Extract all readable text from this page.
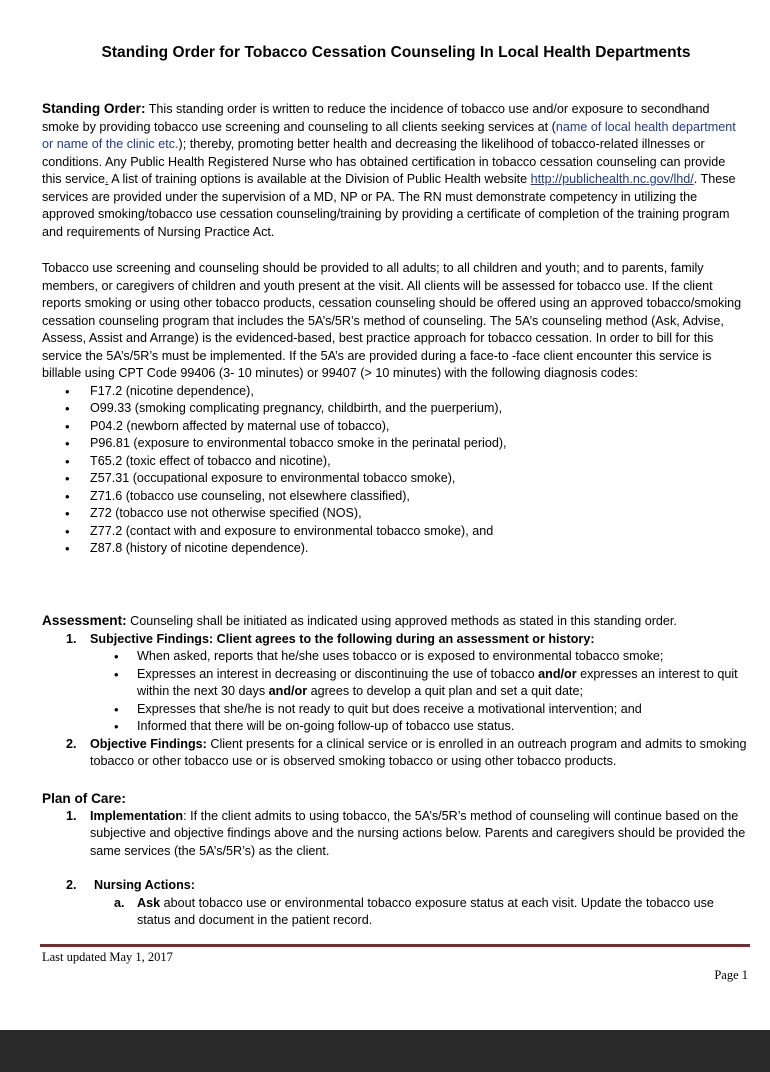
Standing Order for Tobacco Cessation Counseling In Local Health Departments
Standing Order: This standing order is written to reduce the incidence of tobacco use and/or exposure to secondhand smoke by providing tobacco use screening and counseling to all clients seeking services at (name of local health department or name of the clinic etc.); thereby, promoting better health and decreasing the likelihood of tobacco-related illnesses or conditions. Any Public Health Registered Nurse who has obtained certification in tobacco cessation counseling can provide this service. A list of training options is available at the Division of Public Health website http://publichealth.nc.gov/lhd/. These services are provided under the supervision of a MD, NP or PA. The RN must demonstrate competency in utilizing the approved smoking/tobacco use cessation counseling/training by providing a certificate of completion of the training program and requirements of Nursing Practice Act.
Tobacco use screening and counseling should be provided to all adults; to all children and youth; and to parents, family members, or caregivers of children and youth present at the visit. All clients will be assessed for tobacco use. If the client reports smoking or using other tobacco products, cessation counseling should be offered using an approved tobacco/smoking cessation counseling program that includes the 5A’s/5R’s method of counseling. The 5A’s counseling method (Ask, Advise, Assess, Assist and Arrange) is the evidenced-based, best practice approach for tobacco cessation. In order to bill for this service the 5A’s/5R’s must be implemented. If the 5A’s are provided during a face-to -face client encounter this service is billable using CPT Code 99406 (3- 10 minutes) or 99407 (> 10 minutes) with the following diagnosis codes:
• F17.2 (nicotine dependence),
• O99.33 (smoking complicating pregnancy, childbirth, and the puerperium),
• P04.2 (newborn affected by maternal use of tobacco),
• P96.81 (exposure to environmental tobacco smoke in the perinatal period),
• T65.2 (toxic effect of tobacco and nicotine),
• Z57.31 (occupational exposure to environmental tobacco smoke),
• Z71.6 (tobacco use counseling, not elsewhere classified),
• Z72 (tobacco use not otherwise specified (NOS),
• Z77.2 (contact with and exposure to environmental tobacco smoke), and
• Z87.8 (history of nicotine dependence).
Assessment: Counseling shall be initiated as indicated using approved methods as stated in this standing order.
1. Subjective Findings: Client agrees to the following during an assessment or history:
• When asked, reports that he/she uses tobacco or is exposed to environmental tobacco smoke;
• Expresses an interest in decreasing or discontinuing the use of tobacco and/or expresses an interest to quit within the next 30 days and/or agrees to develop a quit plan and set a quit date;
• Expresses that she/he is not ready to quit but does receive a motivational intervention; and
• Informed that there will be on-going follow-up of tobacco use status.
2. Objective Findings: Client presents for a clinical service or is enrolled in an outreach program and admits to smoking tobacco or other tobacco use or is observed smoking tobacco or using other tobacco products.
Plan of Care:
1. Implementation: If the client admits to using tobacco, the 5A’s/5R’s method of counseling will continue based on the subjective and objective findings above and the nursing actions below. Parents and caregivers should be provided the same services (the 5A’s/5R’s) as the client.
2. Nursing Actions:
a. Ask about tobacco use or environmental tobacco exposure status at each visit. Update the tobacco use status and document in the patient record.
Last updated May 1, 2017
Page 1
